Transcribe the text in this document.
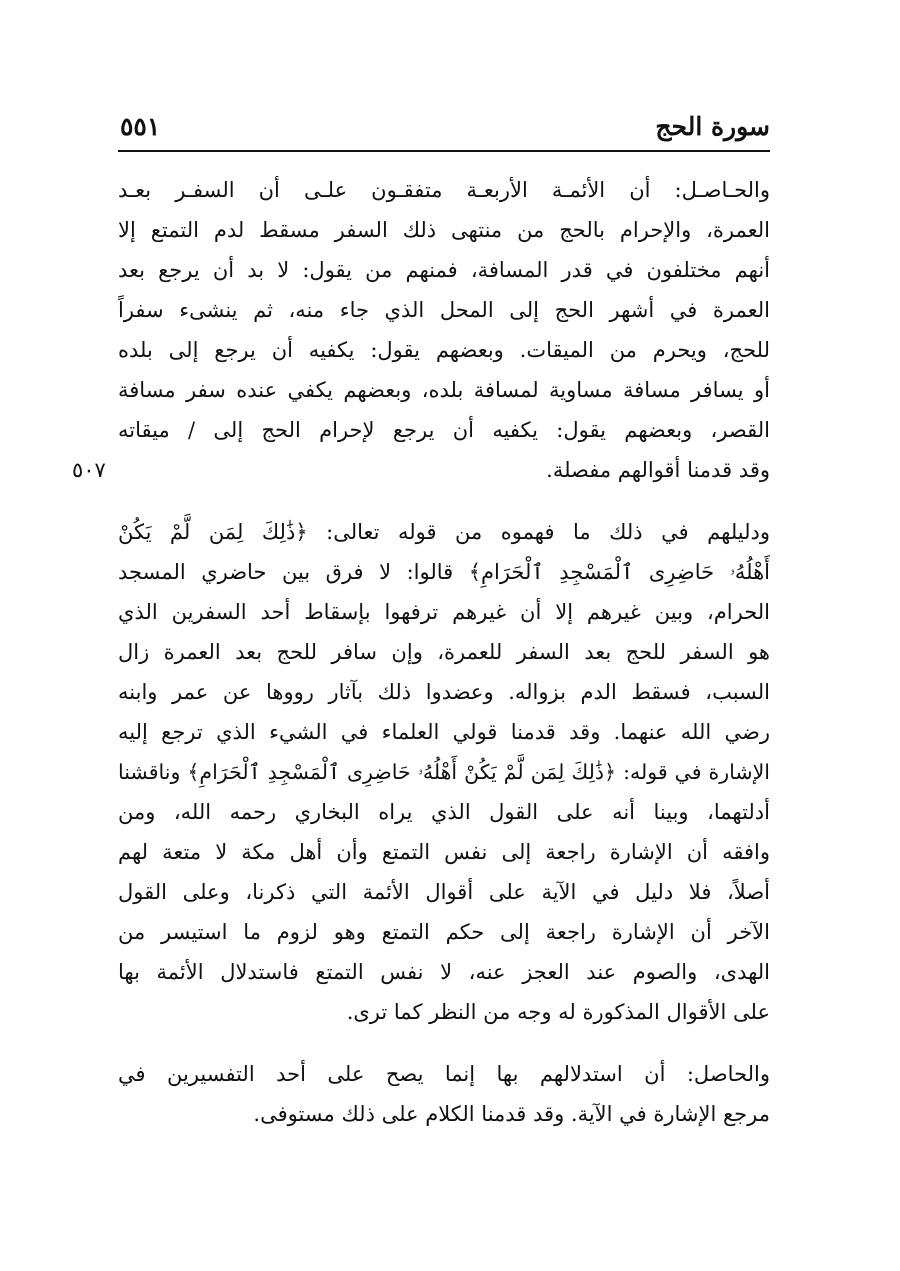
سورة الحج
٥٥١
٥٠٧
والحـاصـل: أن الأئمـة الأربعـة متفقـون علـى أن السفـر بعـد
العمرة، والإحرام بالحج من منتهى ذلك السفر مسقط لدم التمتع إلا
أنهم مختلفون في قدر المسافة، فمنهم من يقول: لا بد أن يرجع بعد
العمرة في أشهر الحج إلى المحل الذي جاء منه، ثم ينشىء سفراً
للحج، ويحرم من الميقات. وبعضهم يقول: يكفيه أن يرجع إلى بلده
أو يسافر مسافة مساوية لمسافة بلده، وبعضهم يكفي عنده سفر مسافة
القصر، وبعضهم يقول: يكفيه أن يرجع لإحرام الحج إلى / ميقاته
وقد قدمنا أقوالهم مفصلة.
ودليلهم في ذلك ما فهموه من قوله تعالى: ﴿ذَٰلِكَ لِمَن لَّمْ يَكُنْ
أَهْلُهُۥ حَاضِرِى ٱلْمَسْجِدِ ٱلْحَرَامِ﴾ قالوا: لا فرق بين حاضري المسجد
الحرام، وبين غيرهم إلا أن غيرهم ترفهوا بإسقاط أحد السفرين الذي
هو السفر للحج بعد السفر للعمرة، وإن سافر للحج بعد العمرة زال
السبب، فسقط الدم بزواله. وعضدوا ذلك بآثار رووها عن عمر وابنه
رضي الله عنهما. وقد قدمنا قولي العلماء في الشيء الذي ترجع إليه
الإشارة في قوله: ﴿ذَٰلِكَ لِمَن لَّمْ يَكُنْ أَهْلُهُۥ حَاضِرِى ٱلْمَسْجِدِ ٱلْحَرَامِ﴾ وناقشنا
أدلتهما، وبينا أنه على القول الذي يراه البخاري رحمه الله، ومن
وافقه أن الإشارة راجعة إلى نفس التمتع وأن أهل مكة لا متعة لهم
أصلاً، فلا دليل في الآية على أقوال الأئمة التي ذكرنا، وعلى القول
الآخر أن الإشارة راجعة إلى حكم التمتع وهو لزوم ما استيسر من
الهدى، والصوم عند العجز عنه، لا نفس التمتع فاستدلال الأئمة بها
على الأقوال المذكورة له وجه من النظر كما ترى.
والحاصل: أن استدلالهم بها إنما يصح على أحد التفسيرين في
مرجع الإشارة في الآية. وقد قدمنا الكلام على ذلك مستوفى.
